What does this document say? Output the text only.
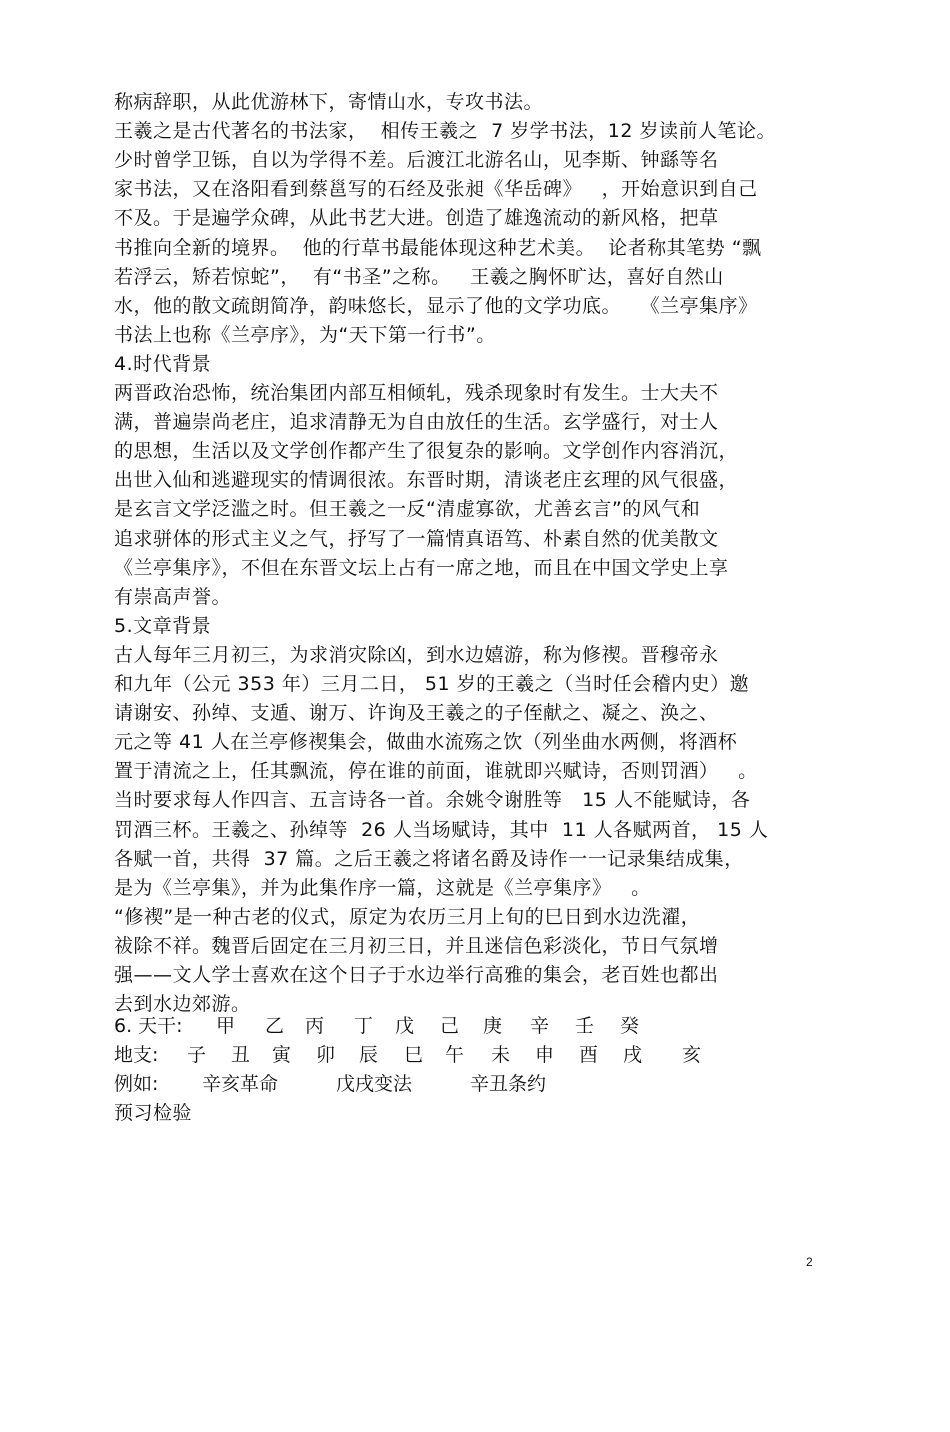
称病辞职，从此优游林下，寄情山水，专攻书法。
王羲之是古代著名的书法家，  相传王羲之  7 岁学书法，12 岁读前人笔论。
少时曾学卫铄，自以为学得不差。后渡江北游名山，见李斯、钟繇等名
家书法，又在洛阳看到蔡邕写的石经及张昶《华岳碑》   ，开始意识到自己
不及。于是遍学众碑，从此书艺大进。创造了雄逸流动的新风格，把草
书推向全新的境界。  他的行草书最能体现这种艺术美。  论者称其笔势 “飘
若浮云，矫若惊蛇”，  有“书圣”之称。   王羲之胸怀旷达，喜好自然山
水，他的散文疏朗简净，韵味悠长，显示了他的文学功底。   《兰亭集序》
书法上也称《兰亭序》，为“天下第一行书”。
4.时代背景
两晋政治恐怖，统治集团内部互相倾轧，残杀现象时有发生。士大夫不
满，普遍崇尚老庄，追求清静无为自由放任的生活。玄学盛行，对士人
的思想，生活以及文学创作都产生了很复杂的影响。文学创作内容消沉，
出世入仙和逃避现实的情调很浓。东晋时期，清谈老庄玄理的风气很盛，
是玄言文学泛滥之时。但王羲之一反“清虚寡欲，尤善玄言”的风气和
追求骈体的形式主义之气，抒写了一篇情真语笃、朴素自然的优美散文
《兰亭集序》，不但在东晋文坛上占有一席之地，而且在中国文学史上享
有崇高声誉。
5.文章背景
古人每年三月初三，为求消灾除凶，到水边嬉游，称为修禊。晋穆帝永
和九年（公元 353 年）三月二日， 51 岁的王羲之（当时任会稽内史）邀
请谢安、孙绰、支遁、谢万、许询及王羲之的子侄献之、凝之、涣之、
元之等 41 人在兰亭修禊集会，做曲水流殇之饮（列坐曲水两侧，将酒杯
置于清流之上，任其飘流，停在谁的前面，谁就即兴赋诗，否则罚酒）   。
当时要求每人作四言、五言诗各一首。余姚令谢胜等   15 人不能赋诗，各
罚酒三杯。王羲之、孙绰等  26 人当场赋诗，其中  11 人各赋两首， 15 人
各赋一首，共得  37 篇。之后王羲之将诸名爵及诗作一一记录集结成集，
是为《兰亭集》，并为此集作序一篇，这就是《兰亭集序》   。
“修禊”是一种古老的仪式，原定为农历三月上旬的巳日到水边洗濯，
祓除不祥。魏晋后固定在三月初三日，并且迷信色彩淡化，节日气氛增
强——文人学士喜欢在这个日子于水边举行高雅的集会，老百姓也都出
去到水边郊游。

6. 天干:

甲

乙

丙

丁

戊

己

庚

辛

壬

癸

地支:

子

丑

寅

卯

辰

巳

午

未

申

酉

戌

亥

例如:

辛亥革命

	戊戌变法

	辛丑条约

预习检验
2
